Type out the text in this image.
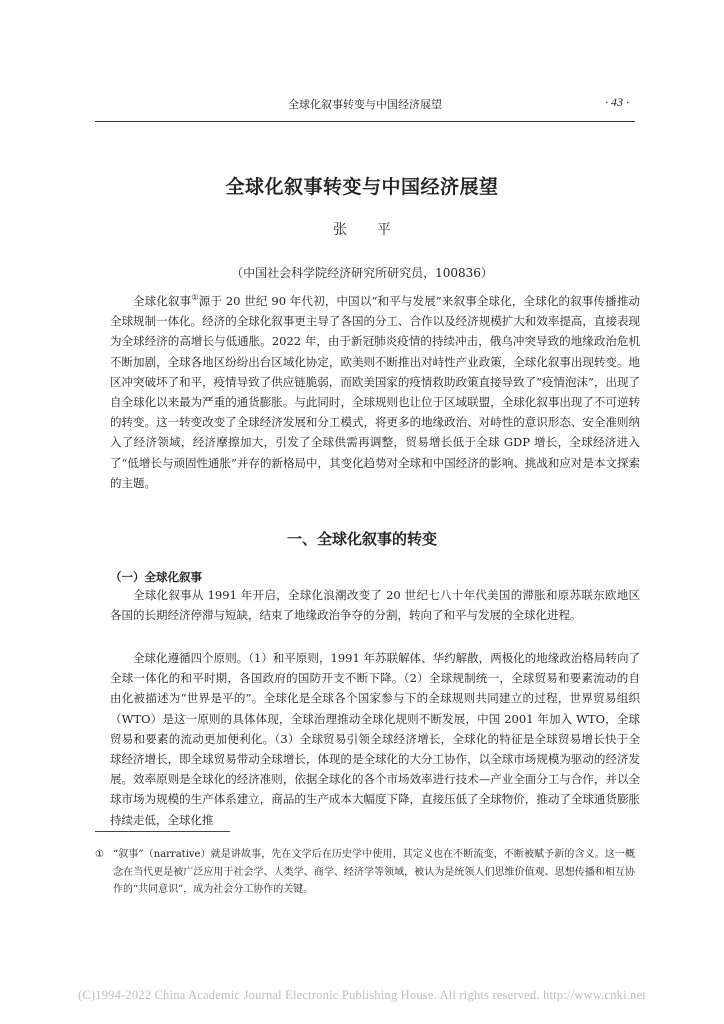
全球化叙事转变与中国经济展望	· 43 ·
全球化叙事转变与中国经济展望
张平
（中国社会科学院经济研究所研究员，100836）

全球化叙事①源于 20 世纪 90 年代初，中国以“和平与发展”来叙事全球化，全球化的叙事传播推动全球规制一体化。经济的全球化叙事更主导了各国的分工、合作以及经济规模扩大和效率提高，直接表现为全球经济的高增长与低通胀。2022 年，由于新冠肺炎疫情的持续冲击，俄乌冲突导致的地缘政治危机不断加剧，全球各地区纷纷出台区域化协定，欧美则不断推出对峙性产业政策，全球化叙事出现转变。地区冲突破坏了和平，疫情导致了供应链脆弱，而欧美国家的疫情救助政策直接导致了“疫情泡沫”，出现了自全球化以来最为严重的通货膨胀。与此同时，全球规则也让位于区域联盟，全球化叙事出现了不可逆转的转变。这一转变改变了全球经济发展和分工模式，将更多的地缘政治、对峙性的意识形态、安全准则纳入了经济领域，经济摩擦加大，引发了全球供需再调整，贸易增长低于全球 GDP 增长，全球经济进入了“低增长与顽固性通胀”并存的新格局中，其变化趋势对全球和中国经济的影响、挑战和应对是本文探索的主题。

一、全球化叙事的转变
（一）全球化叙事

全球化叙事从 1991 年开启，全球化浪潮改变了 20 世纪七八十年代美国的滞胀和原苏联东欧地区各国的长期经济停滞与短缺，结束了地缘政治争夺的分割，转向了和平与发展的全球化进程。

全球化遵循四个原则。（1）和平原则，1991 年苏联解体、华约解散，两极化的地缘政治格局转向了全球一体化的和平时期，各国政府的国防开支不断下降。（2）全球规制统一，全球贸易和要素流动的自由化被描述为“世界是平的”。全球化是全球各个国家参与下的全球规则共同建立的过程，世界贸易组织（WTO）是这一原则的具体体现，全球治理推动全球化规则不断发展，中国 2001 年加入 WTO，全球贸易和要素的流动更加便利化。（3）全球贸易引领全球经济增长，全球化的特征是全球贸易增长快于全球经济增长，即全球贸易带动全球增长，体现的是全球化的大分工协作，以全球市场规模为驱动的经济发展。效率原则是全球化的经济准则，依据全球化的各个市场效率进行技术—产业全面分工与合作，并以全球市场为规模的生产体系建立，商品的生产成本大幅度下降，直接压低了全球物价，推动了全球通货膨胀持续走低，全球化推

① “叙事”（narrative）就是讲故事，先在文学后在历史学中使用，其定义也在不断流变，不断被赋予新的含义。这一概念在当代更是被广泛应用于社会学、人类学、商学、经济学等领域，被认为是统领人们思维价值观、思想传播和相互协作的“共同意识”，成为社会分工协作的关键。
(C)1994-2022 China Academic Journal Electronic Publishing House. All rights reserved. http://www.cnki.net
